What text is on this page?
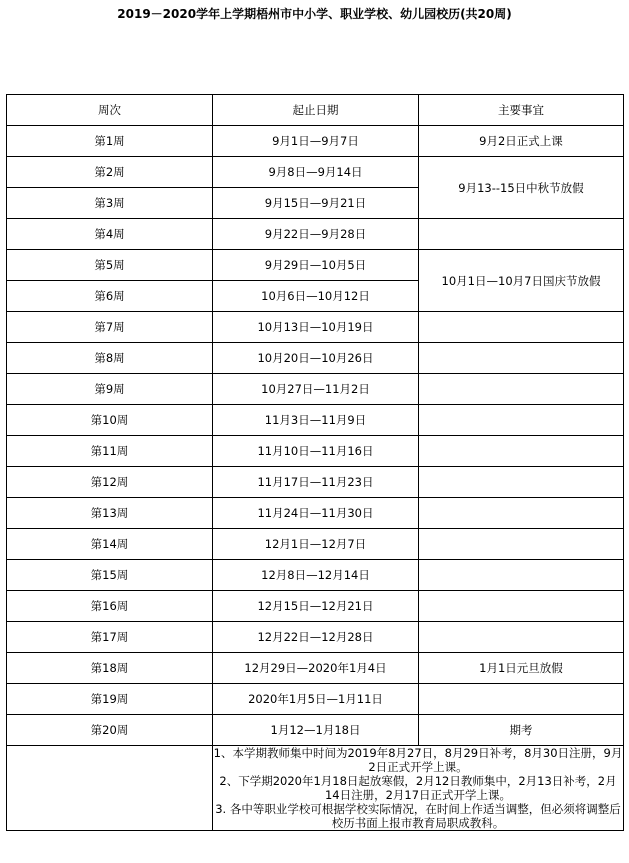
2019－2020学年上学期梧州市中小学、职业学校、幼儿园校历(共20周)
周次	起止日期	主要事宜
第1周	9月1日—9月7日	9月2日正式上课
第2周	9月8日—9月14日	9月13--15日中秋节放假
第3周	9月15日—9月21日	
第4周	9月22日—9月28日	
第5周	9月29日—10月5日	10月1日—10月7日国庆节放假
第6周	10月6日—10月12日	
第7周	10月13日—10月19日	
第8周	10月20日—10月26日	
第9周	10月27日—11月2日	
第10周	11月3日—11月9日	
第11周	11月10日—11月16日	
第12周	11月17日—11月23日	
第13周	11月24日—11月30日	
第14周	12月1日—12月7日	
第15周	12月8日—12月14日	
第16周	12月15日—12月21日	
第17周	12月22日—12月28日	
第18周	12月29日—2020年1月4日	1月1日元旦放假
第19周	2020年1月5日—1月11日	
第20周	1月12—1月18日	期考

	1、本学期教师集中时间为2019年8月27日，8月29日补考，8月30日注册，9月2日正式开学上课。
2、下学期2020年1月18日起放寒假，2月12日教师集中，2月13日补考，2月14日注册，2月17日正式开学上课。
3. 各中等职业学校可根据学校实际情况，在时间上作适当调整，但必须将调整后校历书面上报市教育局职成教科。	
